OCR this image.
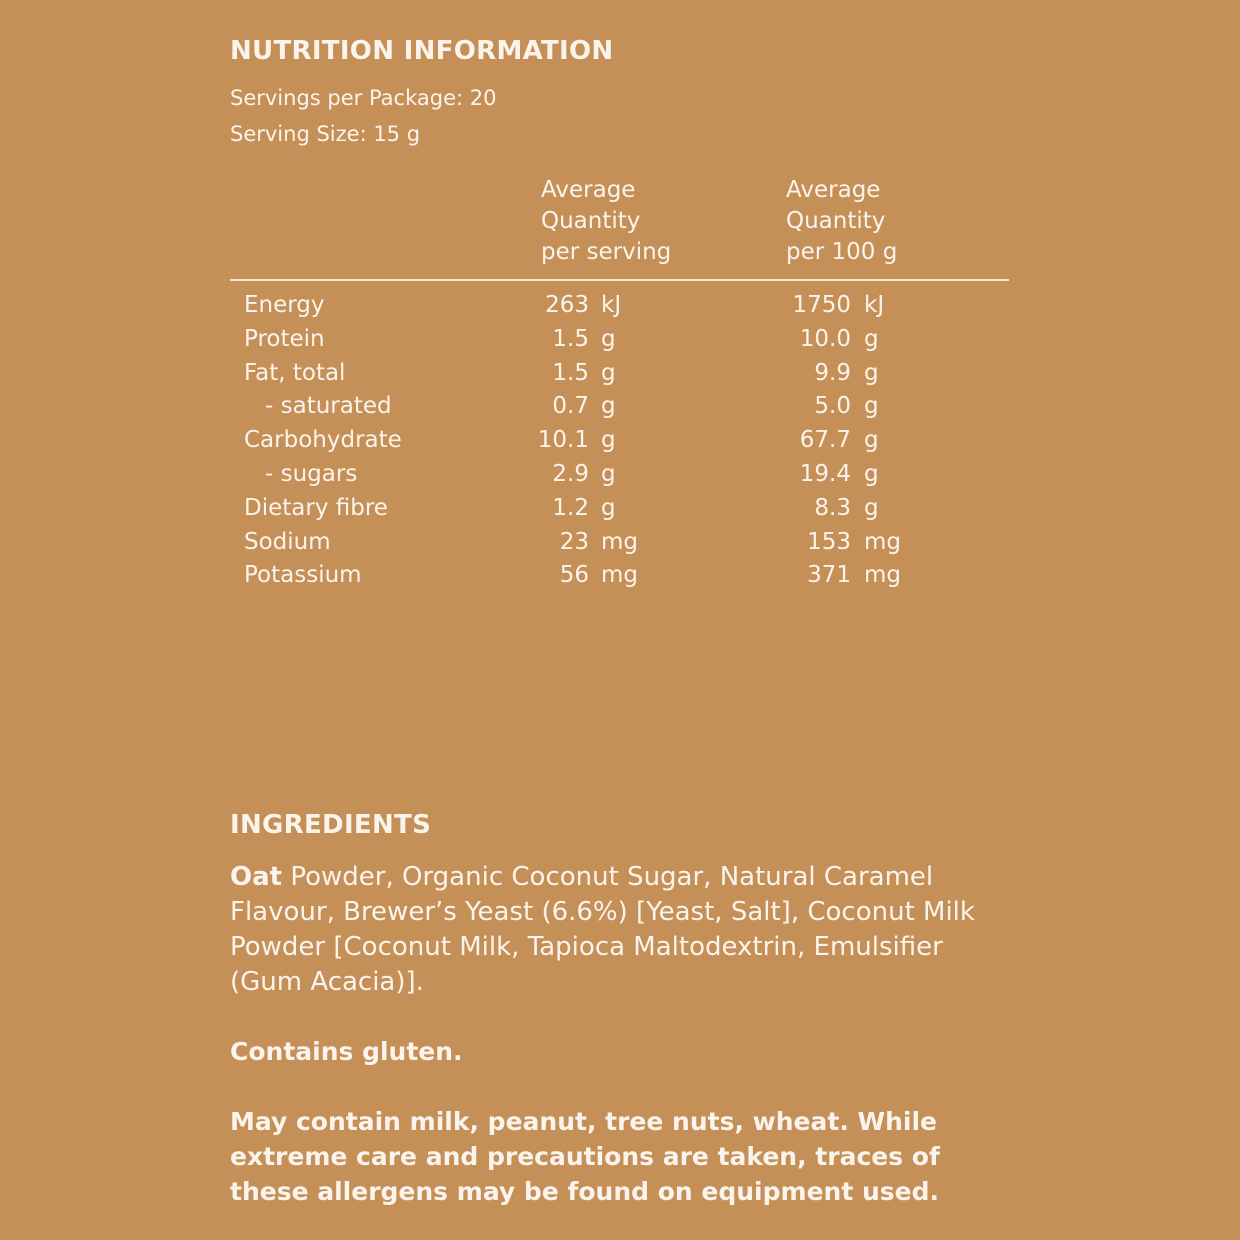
NUTRITION INFORMATION
Servings per Package: 20
Serving Size: 15 g
Average
Quantity
per serving
Average
Quantity
per 100 g
Energy	263 kJ	1750 kJ
Protein	1.5 g	10.0 g
Fat, total	1.5 g	9.9 g
- saturated	0.7 g	5.0 g
Carbohydrate	10.1 g	67.7 g
- sugars	2.9 g	19.4 g
Dietary fibre	1.2 g	8.3 g
Sodium	23 mg	153 mg
Potassium	56 mg	371 mg
INGREDIENTS
Oat Powder, Organic Coconut Sugar, Natural Caramel Flavour, Brewer’s Yeast (6.6%) [Yeast, Salt], Coconut Milk Powder [Coconut Milk, Tapioca Maltodextrin, Emulsifier (Gum Acacia)].
Contains gluten.
May contain milk, peanut, tree nuts, wheat. While extreme care and precautions are taken, traces of these allergens may be found on equipment used.
